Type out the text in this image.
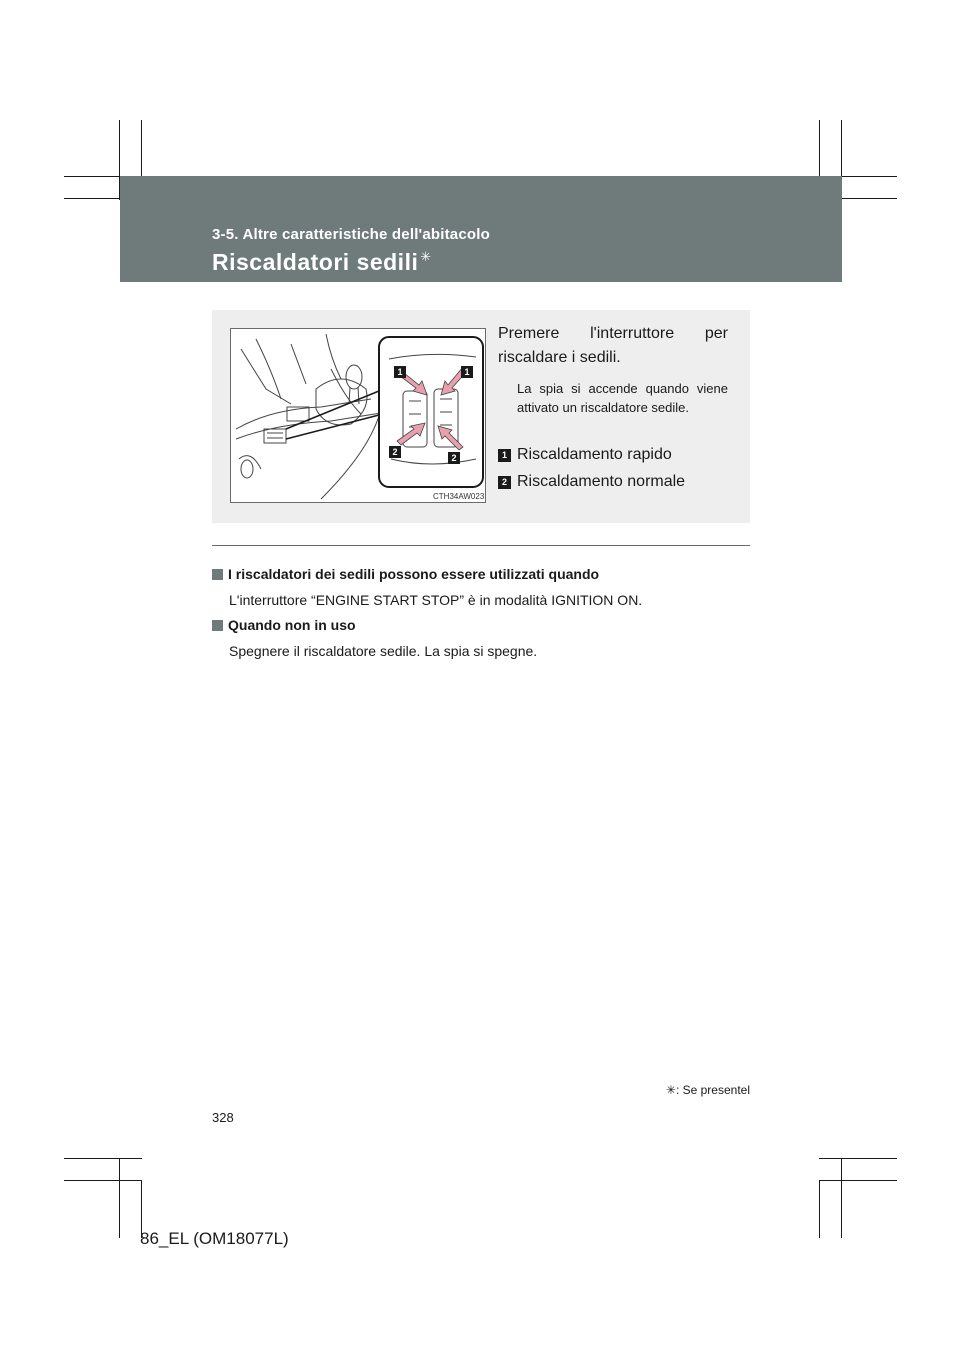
3-5. Altre caratteristiche dell'abitacolo
Riscaldatori sedili ✳
1	1
2
2
CTH34AW023
Premere l'interruttore per riscaldare i sedili.
La spia si accende quando viene attivato un riscaldatore sedile.
1 Riscaldamento rapido
2 Riscaldamento normale
I riscaldatori dei sedili possono essere utilizzati quando
L'interruttore “ENGINE START STOP” è in modalità IGNITION ON.
Quando non in uso
Spegnere il riscaldatore sedile. La spia si spegne.
✳: Se presentel
328
86_EL (OM18077L)
